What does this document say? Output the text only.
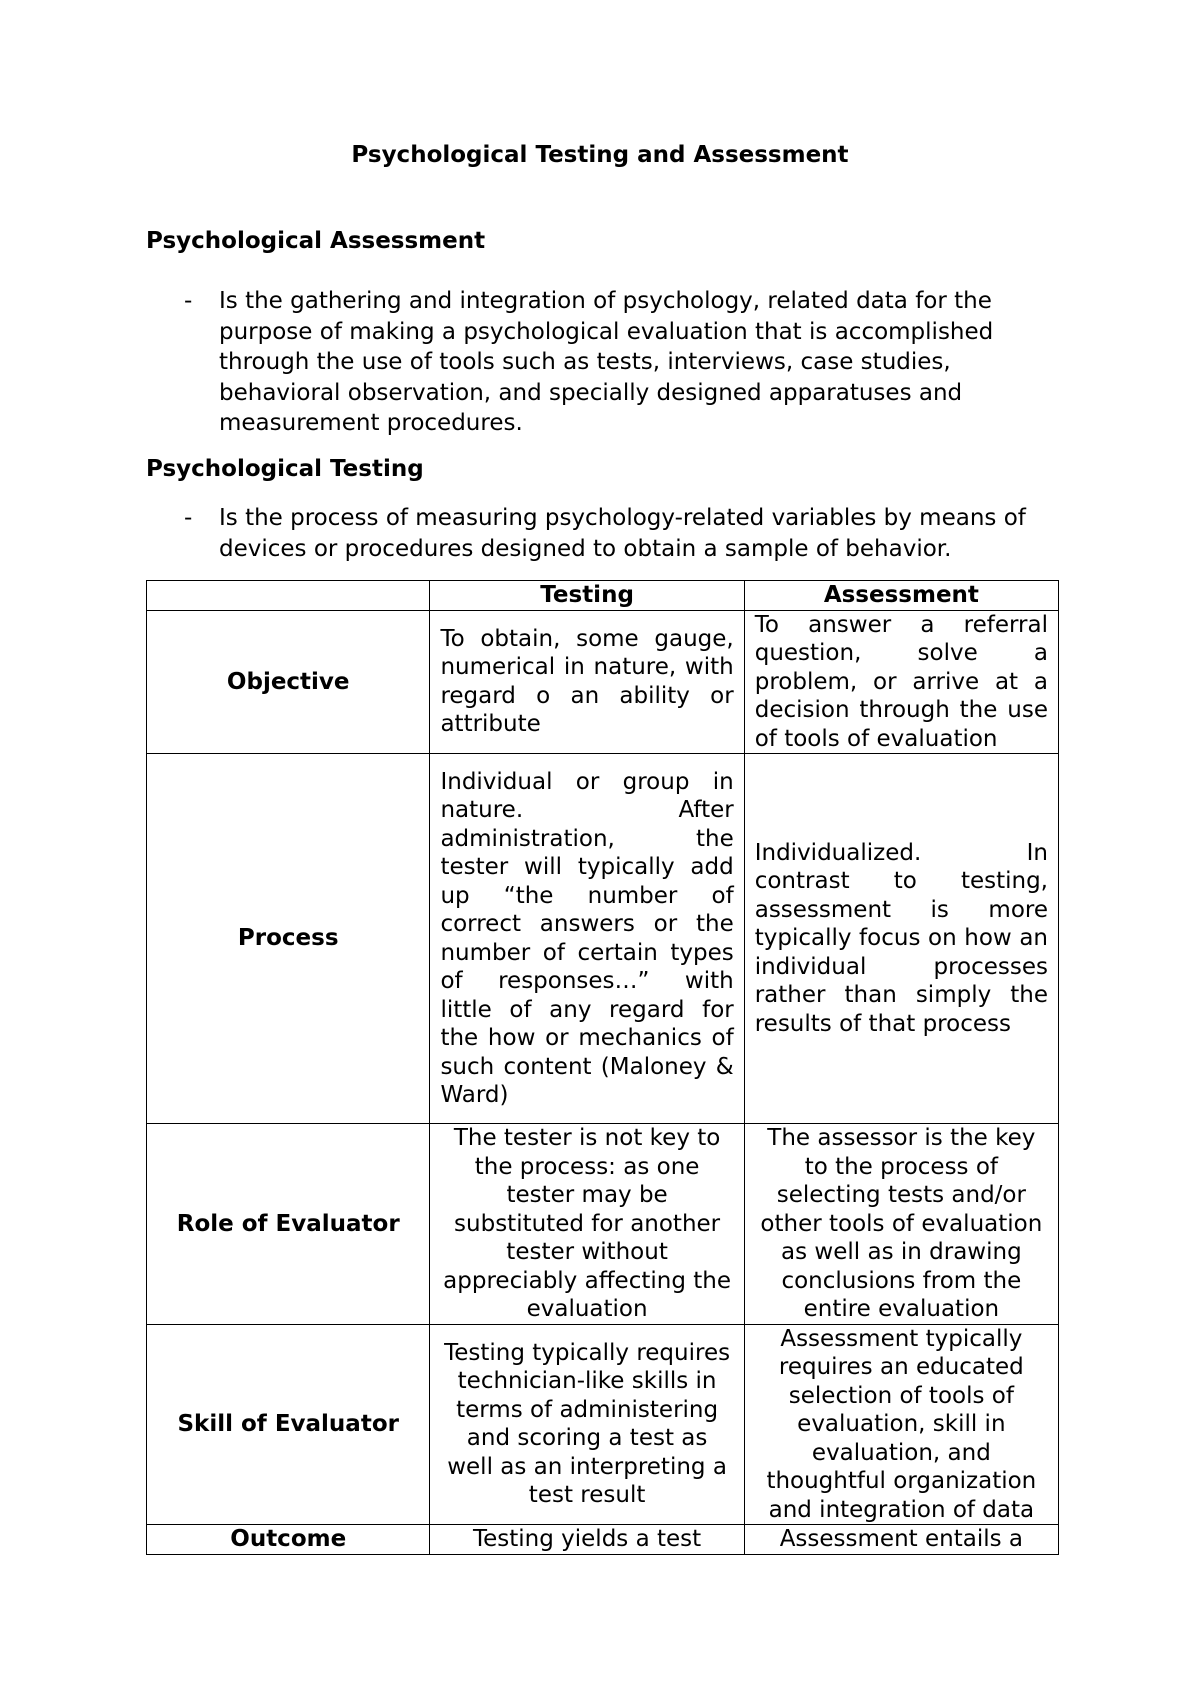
Psychological Testing and Assessment
Psychological Assessment
- Is the gathering and integration of psychology, related data for the purpose of making a psychological evaluation that is accomplished through the use of tools such as tests, interviews, case studies, behavioral observation, and specially designed apparatuses and measurement procedures.
Psychological Testing
- Is the process of measuring psychology-related variables by means of devices or procedures designed to obtain a sample of behavior.
	Testing	Assessment
Objective	To obtain, some gauge, numerical in nature, with regard o an ability or attribute	To answer a referral question, solve a problem, or arrive at a decision through the use of tools of evaluation
Process	Individual or group in nature. After administration, the tester will typically add up “the number of correct answers or the number of certain types of responses…” with little of any regard for the how or mechanics of such content (Maloney & Ward)	Individualized. In contrast to testing, assessment is more typically focus on how an individual processes rather than simply the results of that process
Role of Evaluator	The tester is not key to the process: as one tester may be substituted for another tester without appreciably affecting the evaluation	The assessor is the key to the process of selecting tests and/or other tools of evaluation as well as in drawing conclusions from the entire evaluation
Skill of Evaluator	Testing typically requires technician-like skills in terms of administering and scoring a test as well as an interpreting a test result	Assessment typically requires an educated selection of tools of evaluation, skill in evaluation, and thoughtful organization and integration of data
Outcome	Testing yields a test	Assessment entails a
